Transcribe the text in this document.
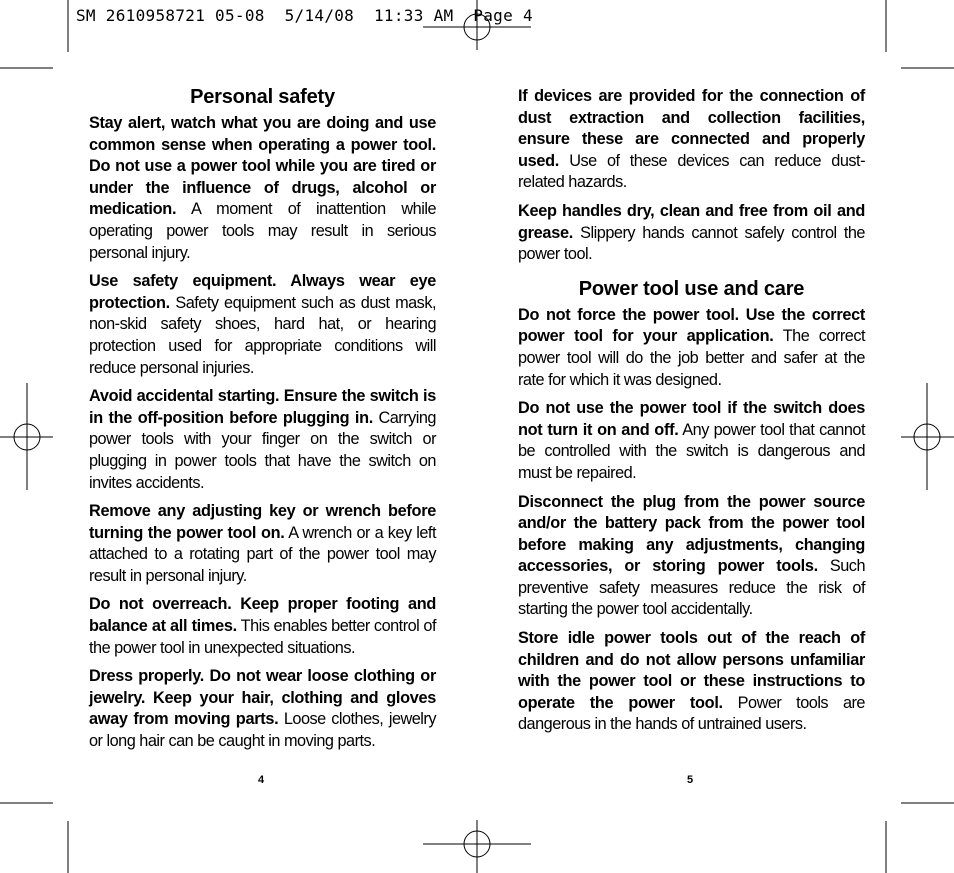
SM 2610958721 05-08  5/14/08  11:33 AM  Page 4
Personal safety

Stay alert, watch what you are doing and use common sense when operating a power tool. Do not use a power tool while you are tired or under the influence of drugs, alcohol or medication. A moment of inattention while operating power tools may result in serious personal injury.

Use safety equipment. Always wear eye protection. Safety equipment such as dust mask, non-skid safety shoes, hard hat, or hearing protection used for appropriate conditions will reduce personal injuries.

Avoid accidental starting. Ensure the switch is in the off-position before plugging in. Carrying power tools with your finger on the switch or plugging in power tools that have the switch on invites accidents.

Remove any adjusting key or wrench before turning the power tool on. A wrench or a key left attached to a rotating part of the power tool may result in personal injury.

Do not overreach. Keep proper footing and balance at all times. This enables better control of the power tool in unexpected situations.

Dress properly. Do not wear loose clothing or jewelry. Keep your hair, clothing and gloves away from moving parts. Loose clothes, jewelry or long hair can be caught in moving parts.

4

If devices are provided for the connection of dust extraction and collection facilities, ensure these are connected and properly used. Use of these devices can reduce dust-related hazards.

Keep handles dry, clean and free from oil and grease. Slippery hands cannot safely control the power tool.

Power tool use and care

Do not force the power tool. Use the correct power tool for your application. The correct power tool will do the job better and safer at the rate for which it was designed.

Do not use the power tool if the switch does not turn it on and off. Any power tool that cannot be controlled with the switch is dangerous and must be repaired.

Disconnect the plug from the power source and/or the battery pack from the power tool before making any adjustments, changing accessories, or storing power tools. Such preventive safety measures reduce the risk of starting the power tool accidentally.

Store idle power tools out of the reach of children and do not allow persons unfamiliar with the power tool or these instructions to operate the power tool. Power tools are dangerous in the hands of untrained users.

5
